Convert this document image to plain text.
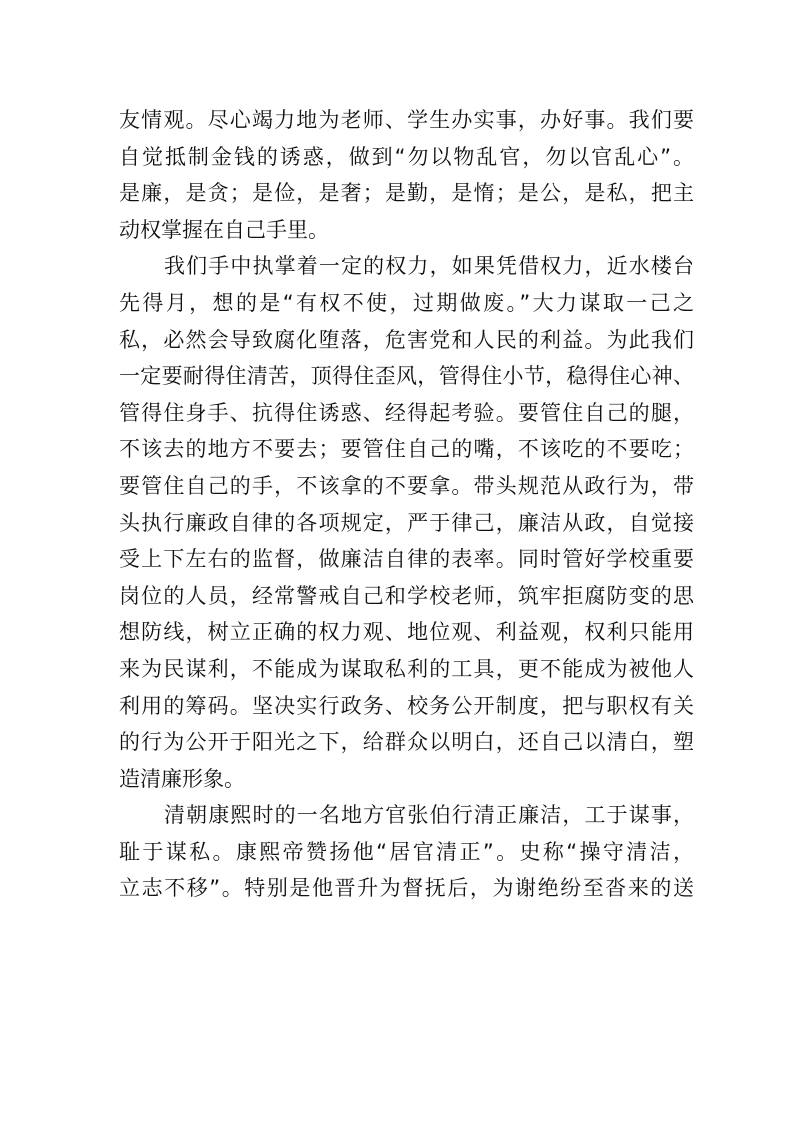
友情观。尽心竭力地为老师、学生办实事，办好事。我们要
自觉抵制金钱的诱惑，做到“勿以物乱官，勿以官乱心”。
是廉，是贪；是俭，是奢；是勤，是惰；是公，是私，把主
动权掌握在自己手里。
我们手中执掌着一定的权力，如果凭借权力，近水楼台
先得月，想的是“有权不使，过期做废。”大力谋取一己之
私，必然会导致腐化堕落，危害党和人民的利益。为此我们
一定要耐得住清苦，顶得住歪风，管得住小节，稳得住心神、
管得住身手、抗得住诱惑、经得起考验。要管住自己的腿，
不该去的地方不要去；要管住自己的嘴，不该吃的不要吃；
要管住自己的手，不该拿的不要拿。带头规范从政行为，带
头执行廉政自律的各项规定，严于律己，廉洁从政，自觉接
受上下左右的监督，做廉洁自律的表率。同时管好学校重要
岗位的人员，经常警戒自己和学校老师，筑牢拒腐防变的思
想防线，树立正确的权力观、地位观、利益观，权利只能用
来为民谋利，不能成为谋取私利的工具，更不能成为被他人
利用的筹码。坚决实行政务、校务公开制度，把与职权有关
的行为公开于阳光之下，给群众以明白，还自己以清白，塑
造清廉形象。
清朝康熙时的一名地方官张伯行清正廉洁，工于谋事，
耻于谋私。康熙帝赞扬他“居官清正”。史称“操守清洁，
立志不移”。特别是他晋升为督抚后，为谢绝纷至沓来的送
